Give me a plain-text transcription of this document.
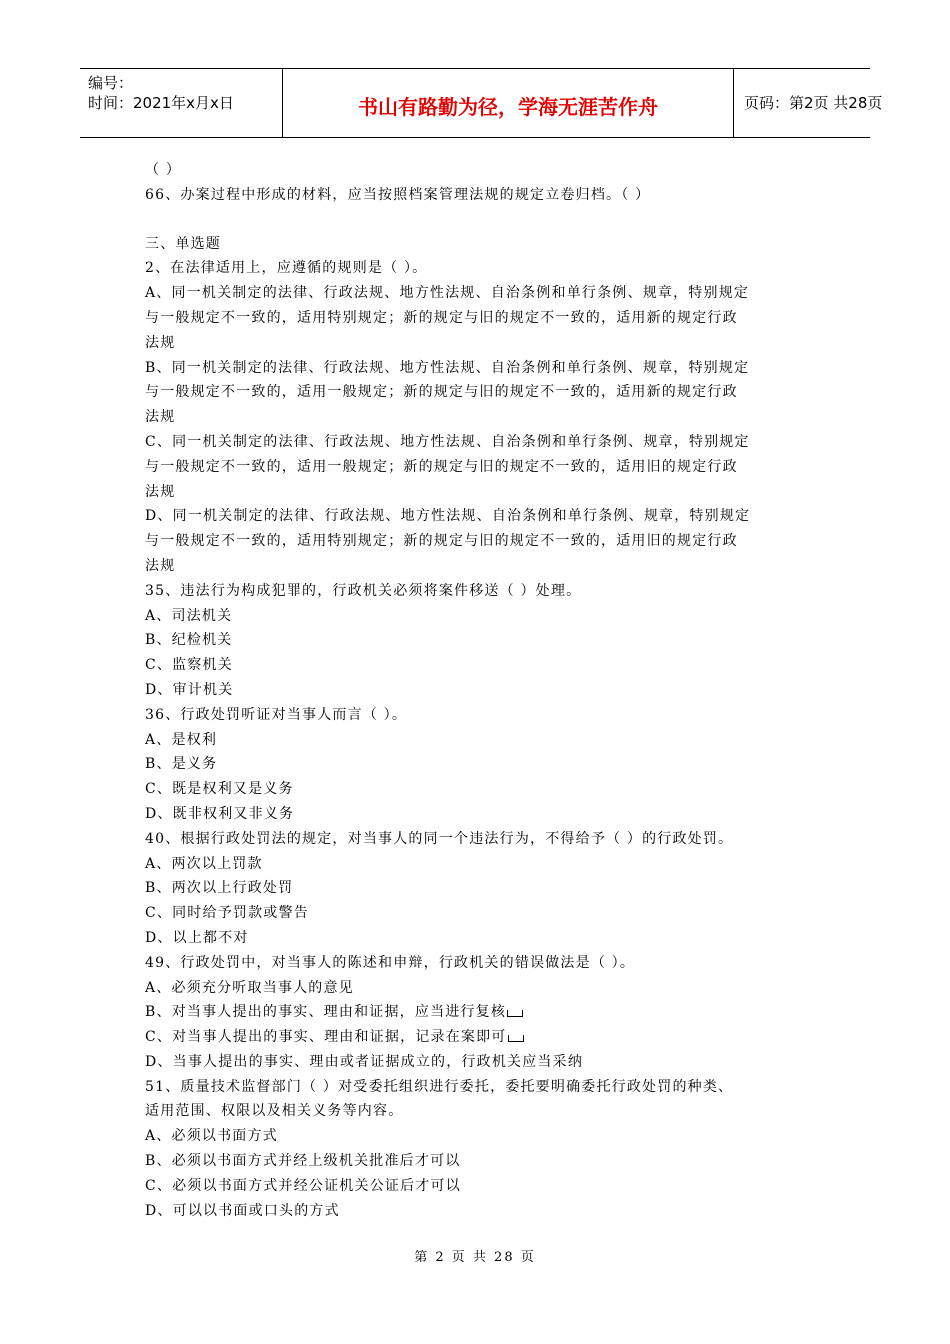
编号：
时间：2021年x月x日	书山有路勤为径，学海无涯苦作舟	页码：第2页 共28页

（ ）

66、办案过程中形成的材料，应当按照档案管理法规的规定立卷归档。（ ）

三、单选题

2、在法律适用上，应遵循的规则是（ ）。

A、同一机关制定的法律、行政法规、地方性法规、自治条例和单行条例、规章，特别规定

与一般规定不一致的，适用特别规定；新的规定与旧的规定不一致的，适用新的规定行政

法规

B、同一机关制定的法律、行政法规、地方性法规、自治条例和单行条例、规章，特别规定

与一般规定不一致的，适用一般规定；新的规定与旧的规定不一致的，适用新的规定行政

法规

C、同一机关制定的法律、行政法规、地方性法规、自治条例和单行条例、规章，特别规定

与一般规定不一致的，适用一般规定；新的规定与旧的规定不一致的，适用旧的规定行政

法规

D、同一机关制定的法律、行政法规、地方性法规、自治条例和单行条例、规章，特别规定

与一般规定不一致的，适用特别规定；新的规定与旧的规定不一致的，适用旧的规定行政

法规

35、违法行为构成犯罪的，行政机关必须将案件移送（ ）处理。

A、司法机关

B、纪检机关

C、监察机关

D、审计机关

36、行政处罚听证对当事人而言（ ）。

A、是权利

B、是义务

C、既是权利又是义务

D、既非权利又非义务

40、根据行政处罚法的规定，对当事人的同一个违法行为，不得给予（ ）的行政处罚。

A、两次以上罚款

B、两次以上行政处罚

C、同时给予罚款或警告

D、以上都不对

49、行政处罚中，对当事人的陈述和申辩，行政机关的错误做法是（ ）。

A、必须充分听取当事人的意见

B、对当事人提出的事实、理由和证据，应当进行复核

C、对当事人提出的事实、理由和证据，记录在案即可

D、当事人提出的事实、理由或者证据成立的，行政机关应当采纳

51、质量技术监督部门（ ）对受委托组织进行委托，委托要明确委托行政处罚的种类、

适用范围、权限以及相关义务等内容。

A、必须以书面方式

B、必须以书面方式并经上级机关批准后才可以

C、必须以书面方式并经公证机关公证后才可以

D、可以以书面或口头的方式

第 2 页 共 28 页
